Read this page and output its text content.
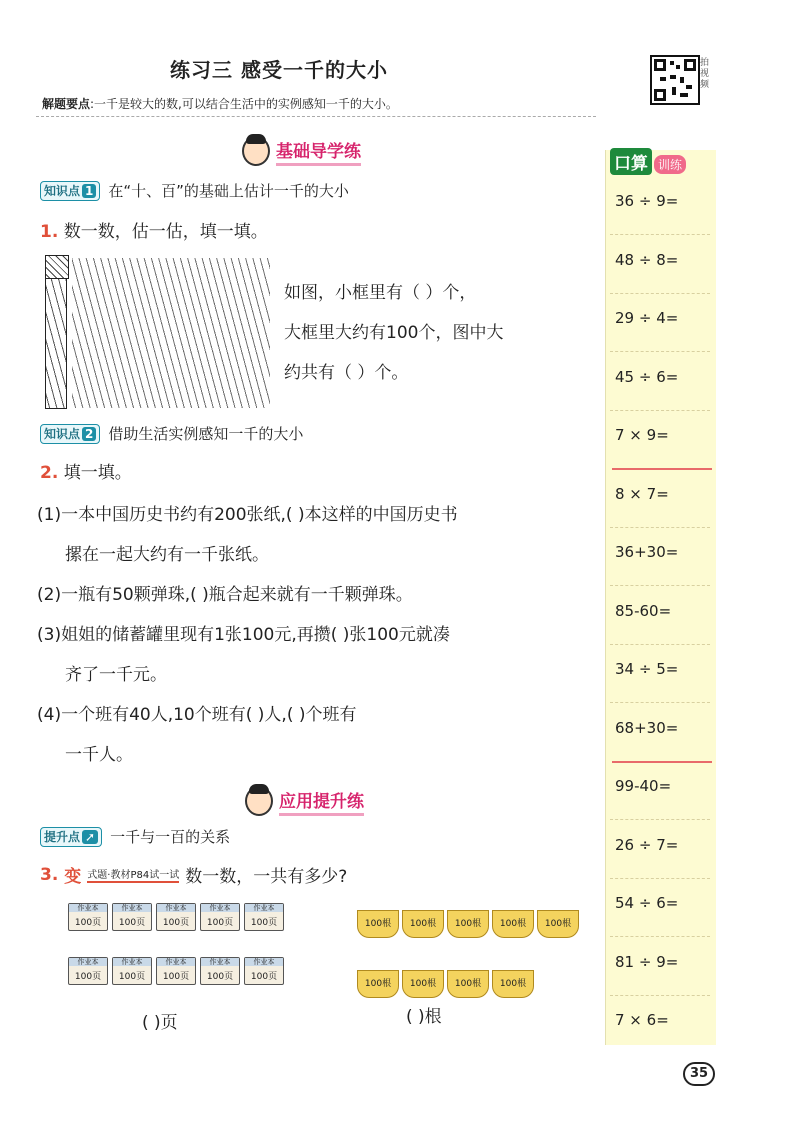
练习三 感受一千的大小	拍视频
解题要点:一千是较大的数,可以结合生活中的实例感知一千的大小。
基础导学练
知识点 1 在“十、百”的基础上估计一千的大小
1. 数一数，估一估，填一填。
如图，小框里有（ ）个，
大框里大约有100个，图中大
约共有（ ）个。
知识点 2 借助生活实例感知一千的大小
2. 填一填。
(1)一本中国历史书约有200张纸,( )本这样的中国历史书
摞在一起大约有一千张纸。
(2)一瓶有50颗弹珠,( )瓶合起来就有一千颗弹珠。
(3)姐姐的储蓄罐里现有1张100元,再攒( )张100元就凑
齐了一千元。
(4)一个班有40人,10个班有( )人,( )个班有
一千人。
应用提升练
提升点 ➚ 一千与一百的关系
3. 变 式题·教材P84试一试 数一数，一共有多少?
作业本
100页
作业本
100页
作业本
100页
作业本
100页
作业本
100页
作业本
100页
作业本
100页
作业本
100页
作业本
100页
作业本
100页
100根	100根	100根	100根	100根
100根	100根	100根	100根
( )页	( )根
口算 训练
36 ÷ 9=
48 ÷ 8=
29 ÷ 4=
45 ÷ 6=
7 × 9=
8 × 7=
36+30=
85-60=
34 ÷ 5=
68+30=
99-40=
26 ÷ 7=
54 ÷ 6=
81 ÷ 9=
7 × 6=
35
